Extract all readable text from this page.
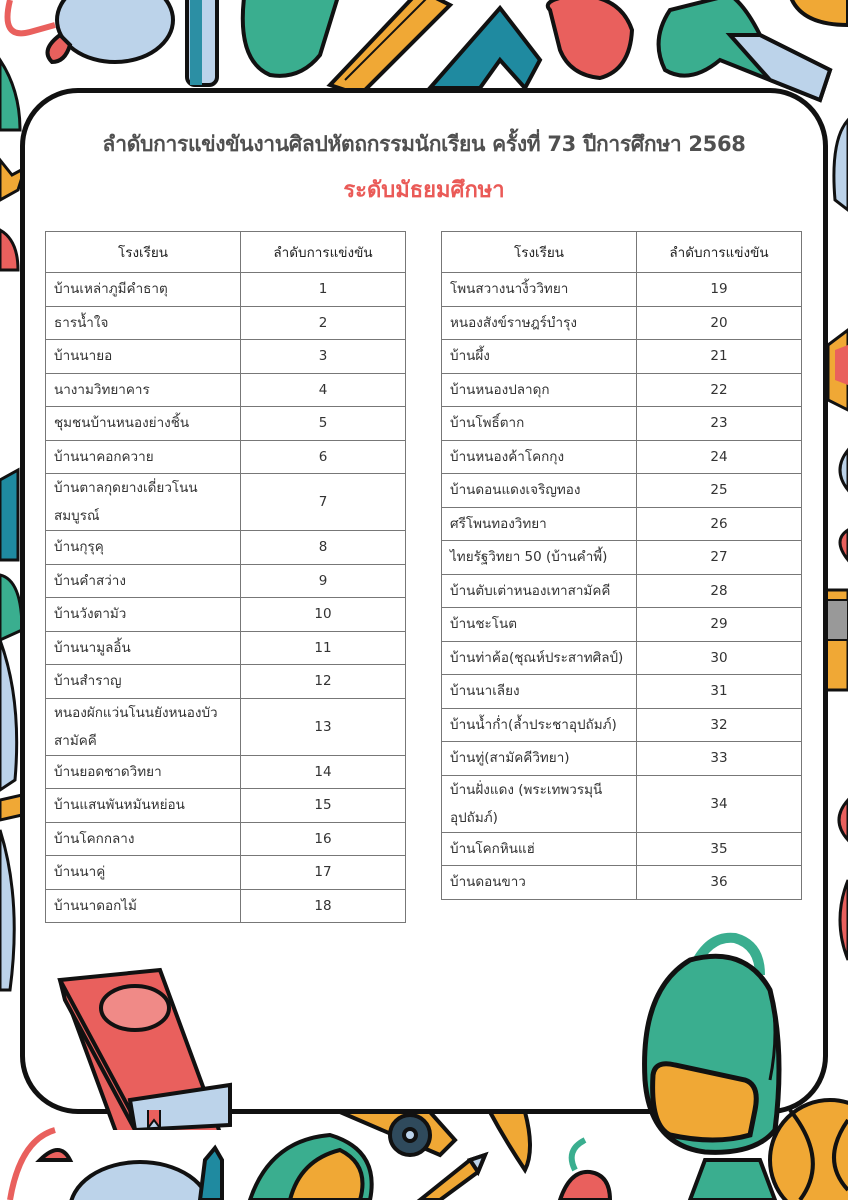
ลำดับการแข่งขันงานศิลปหัตถกรรมนักเรียน ครั้งที่ 73 ปีการศึกษา 2568
ระดับมัธยมศึกษา
โรงเรียน	ลำดับการแข่งขัน
บ้านเหล่าภูมีคำธาตุ	1
ธารน้ำใจ	2
บ้านนายอ	3
นางามวิทยาคาร	4
ชุมชนบ้านหนองย่างชิ้น	5
บ้านนาคอกควาย	6
บ้านตาลกุดยางเดี่ยวโนนสมบูรณ์	7
บ้านกุรุคุ	8
บ้านคำสว่าง	9
บ้านวังตามัว	10
บ้านนามูลอิ้น	11
บ้านสำราญ	12
หนองผักแว่นโนนยังหนองบัวสามัคคี	13
บ้านยอดชาดวิทยา	14
บ้านแสนพันหมันหย่อน	15
บ้านโคกกลาง	16
บ้านนาคู่	17
บ้านนาดอกไม้	18
โรงเรียน	ลำดับการแข่งขัน
โพนสวางนางิ้ววิทยา	19
หนองสังข์ราษฎร์บำรุง	20
บ้านผึ้ง	21
บ้านหนองปลาดุก	22
บ้านโพธิ์ตาก	23
บ้านหนองค้าโคกกุง	24
บ้านดอนแดงเจริญทอง	25
ศรีโพนทองวิทยา	26
ไทยรัฐวิทยา 50 (บ้านคำพี้)	27
บ้านตับเต่าหนองเทาสามัคคี	28
บ้านชะโนต	29
บ้านท่าค้อ(ชุณห์ประสาทศิลป์)	30
บ้านนาเลียง	31
บ้านน้ำก่ำ(ล้ำประชาอุปถัมภ์)	32
บ้านทู่(สามัคคีวิทยา)	33
บ้านฝั่งแดง (พระเทพวรมุนีอุปถัมภ์)	34
บ้านโคกหินแฮ่	35
บ้านดอนขาว	36
